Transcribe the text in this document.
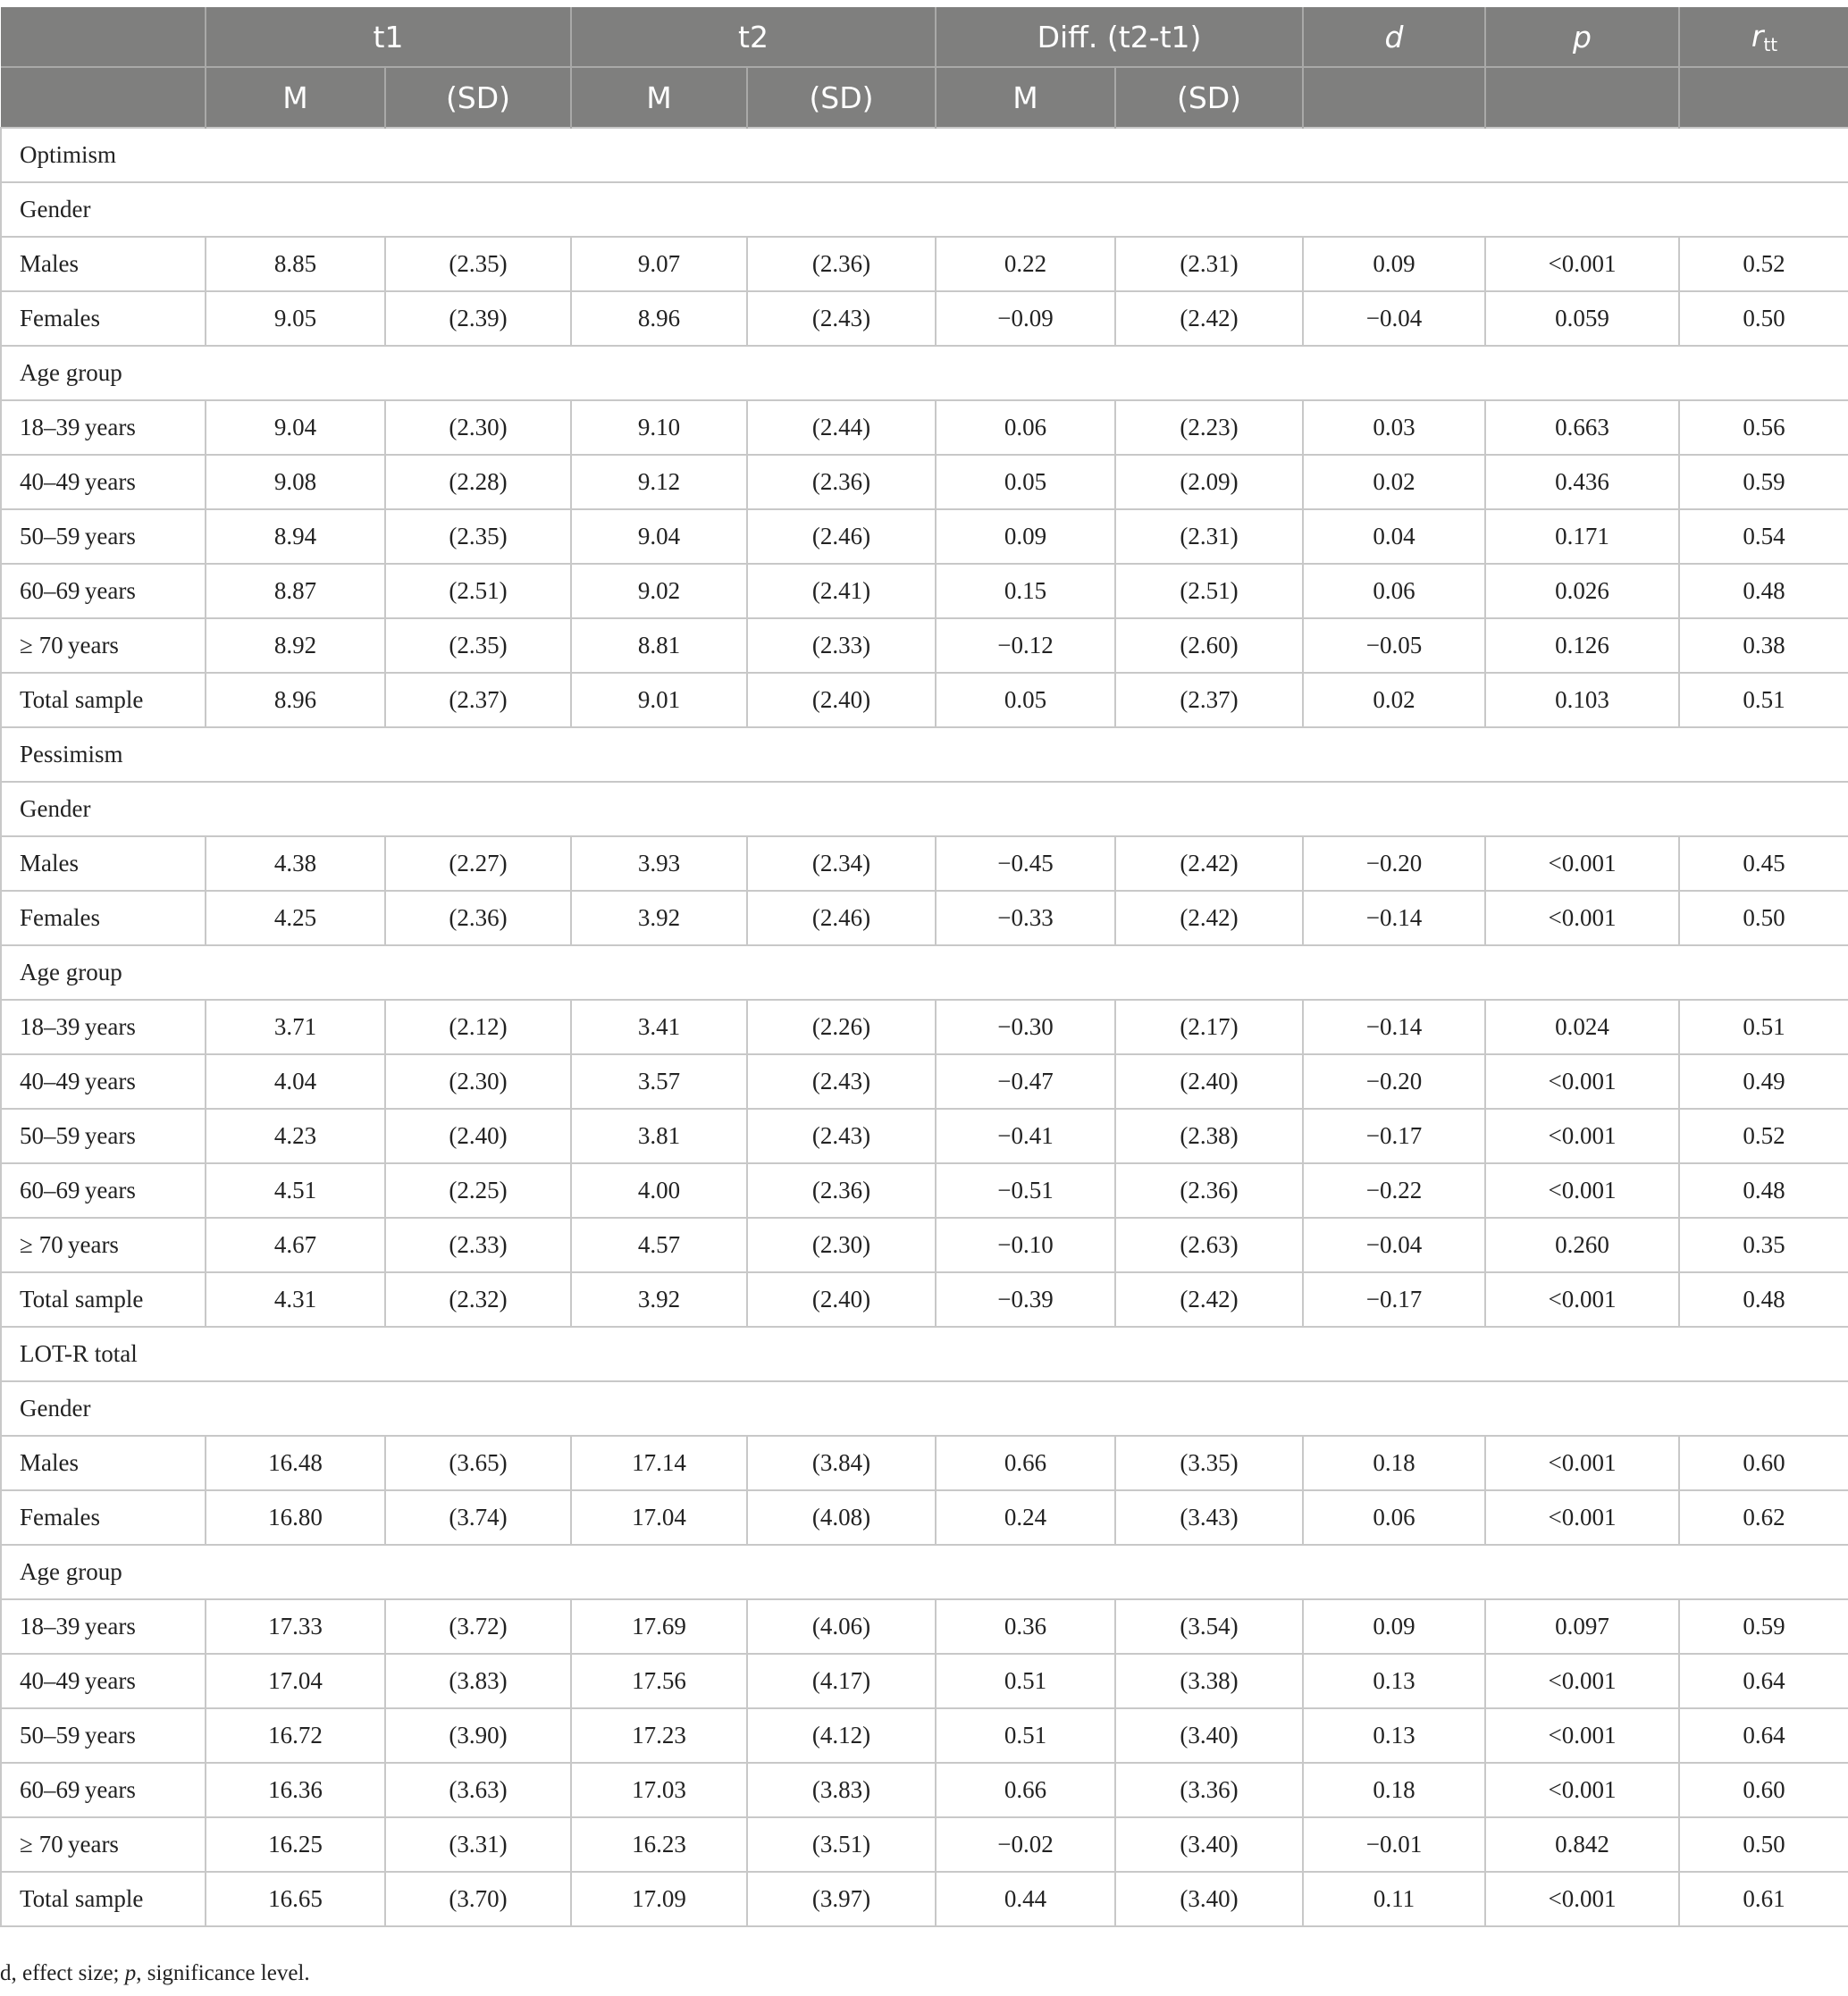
	t1		t2		Diff. (t2-t1)		d	p	$r_{tt}$
	M	(SD)	M	(SD)	M	(SD)			
Optimism									
Gender									
Males	8.85	(2.35)	9.07	(2.36)	0.22	(2.31)	0.09	<0.001	0.52
Females	9.05	(2.39)	8.96	(2.43)	−0.09	(2.42)	−0.04	0.059	0.50
Age group									
18–39 years	9.04	(2.30)	9.10	(2.44)	0.06	(2.23)	0.03	0.663	0.56
40–49 years	9.08	(2.28)	9.12	(2.36)	0.05	(2.09)	0.02	0.436	0.59
50–59 years	8.94	(2.35)	9.04	(2.46)	0.09	(2.31)	0.04	0.171	0.54
60–69 years	8.87	(2.51)	9.02	(2.41)	0.15	(2.51)	0.06	0.026	0.48
≥ 70 years	8.92	(2.35)	8.81	(2.33)	−0.12	(2.60)	−0.05	0.126	0.38
Total sample	8.96	(2.37)	9.01	(2.40)	0.05	(2.37)	0.02	0.103	0.51
Pessimism									
Gender									
Males	4.38	(2.27)	3.93	(2.34)	−0.45	(2.42)	−0.20	<0.001	0.45
Females	4.25	(2.36)	3.92	(2.46)	−0.33	(2.42)	−0.14	<0.001	0.50
Age group									
18–39 years	3.71	(2.12)	3.41	(2.26)	−0.30	(2.17)	−0.14	0.024	0.51
40–49 years	4.04	(2.30)	3.57	(2.43)	−0.47	(2.40)	−0.20	<0.001	0.49
50–59 years	4.23	(2.40)	3.81	(2.43)	−0.41	(2.38)	−0.17	<0.001	0.52
60–69 years	4.51	(2.25)	4.00	(2.36)	−0.51	(2.36)	−0.22	<0.001	0.48
≥ 70 years	4.67	(2.33)	4.57	(2.30)	−0.10	(2.63)	−0.04	0.260	0.35
Total sample	4.31	(2.32)	3.92	(2.40)	−0.39	(2.42)	−0.17	<0.001	0.48
LOT-R total									
Gender									
Males	16.48	(3.65)	17.14	(3.84)	0.66	(3.35)	0.18	<0.001	0.60
Females	16.80	(3.74)	17.04	(4.08)	0.24	(3.43)	0.06	<0.001	0.62
Age group									
18–39 years	17.33	(3.72)	17.69	(4.06)	0.36	(3.54)	0.09	0.097	0.59
40–49 years	17.04	(3.83)	17.56	(4.17)	0.51	(3.38)	0.13	<0.001	0.64
50–59 years	16.72	(3.90)	17.23	(4.12)	0.51	(3.40)	0.13	<0.001	0.64
60–69 years	16.36	(3.63)	17.03	(3.83)	0.66	(3.36)	0.18	<0.001	0.60
≥ 70 years	16.25	(3.31)	16.23	(3.51)	−0.02	(3.40)	−0.01	0.842	0.50
Total sample	16.65	(3.70)	17.09	(3.97)	0.44	(3.40)	0.11	<0.001	0.61
d, effect size; p, significance level.
